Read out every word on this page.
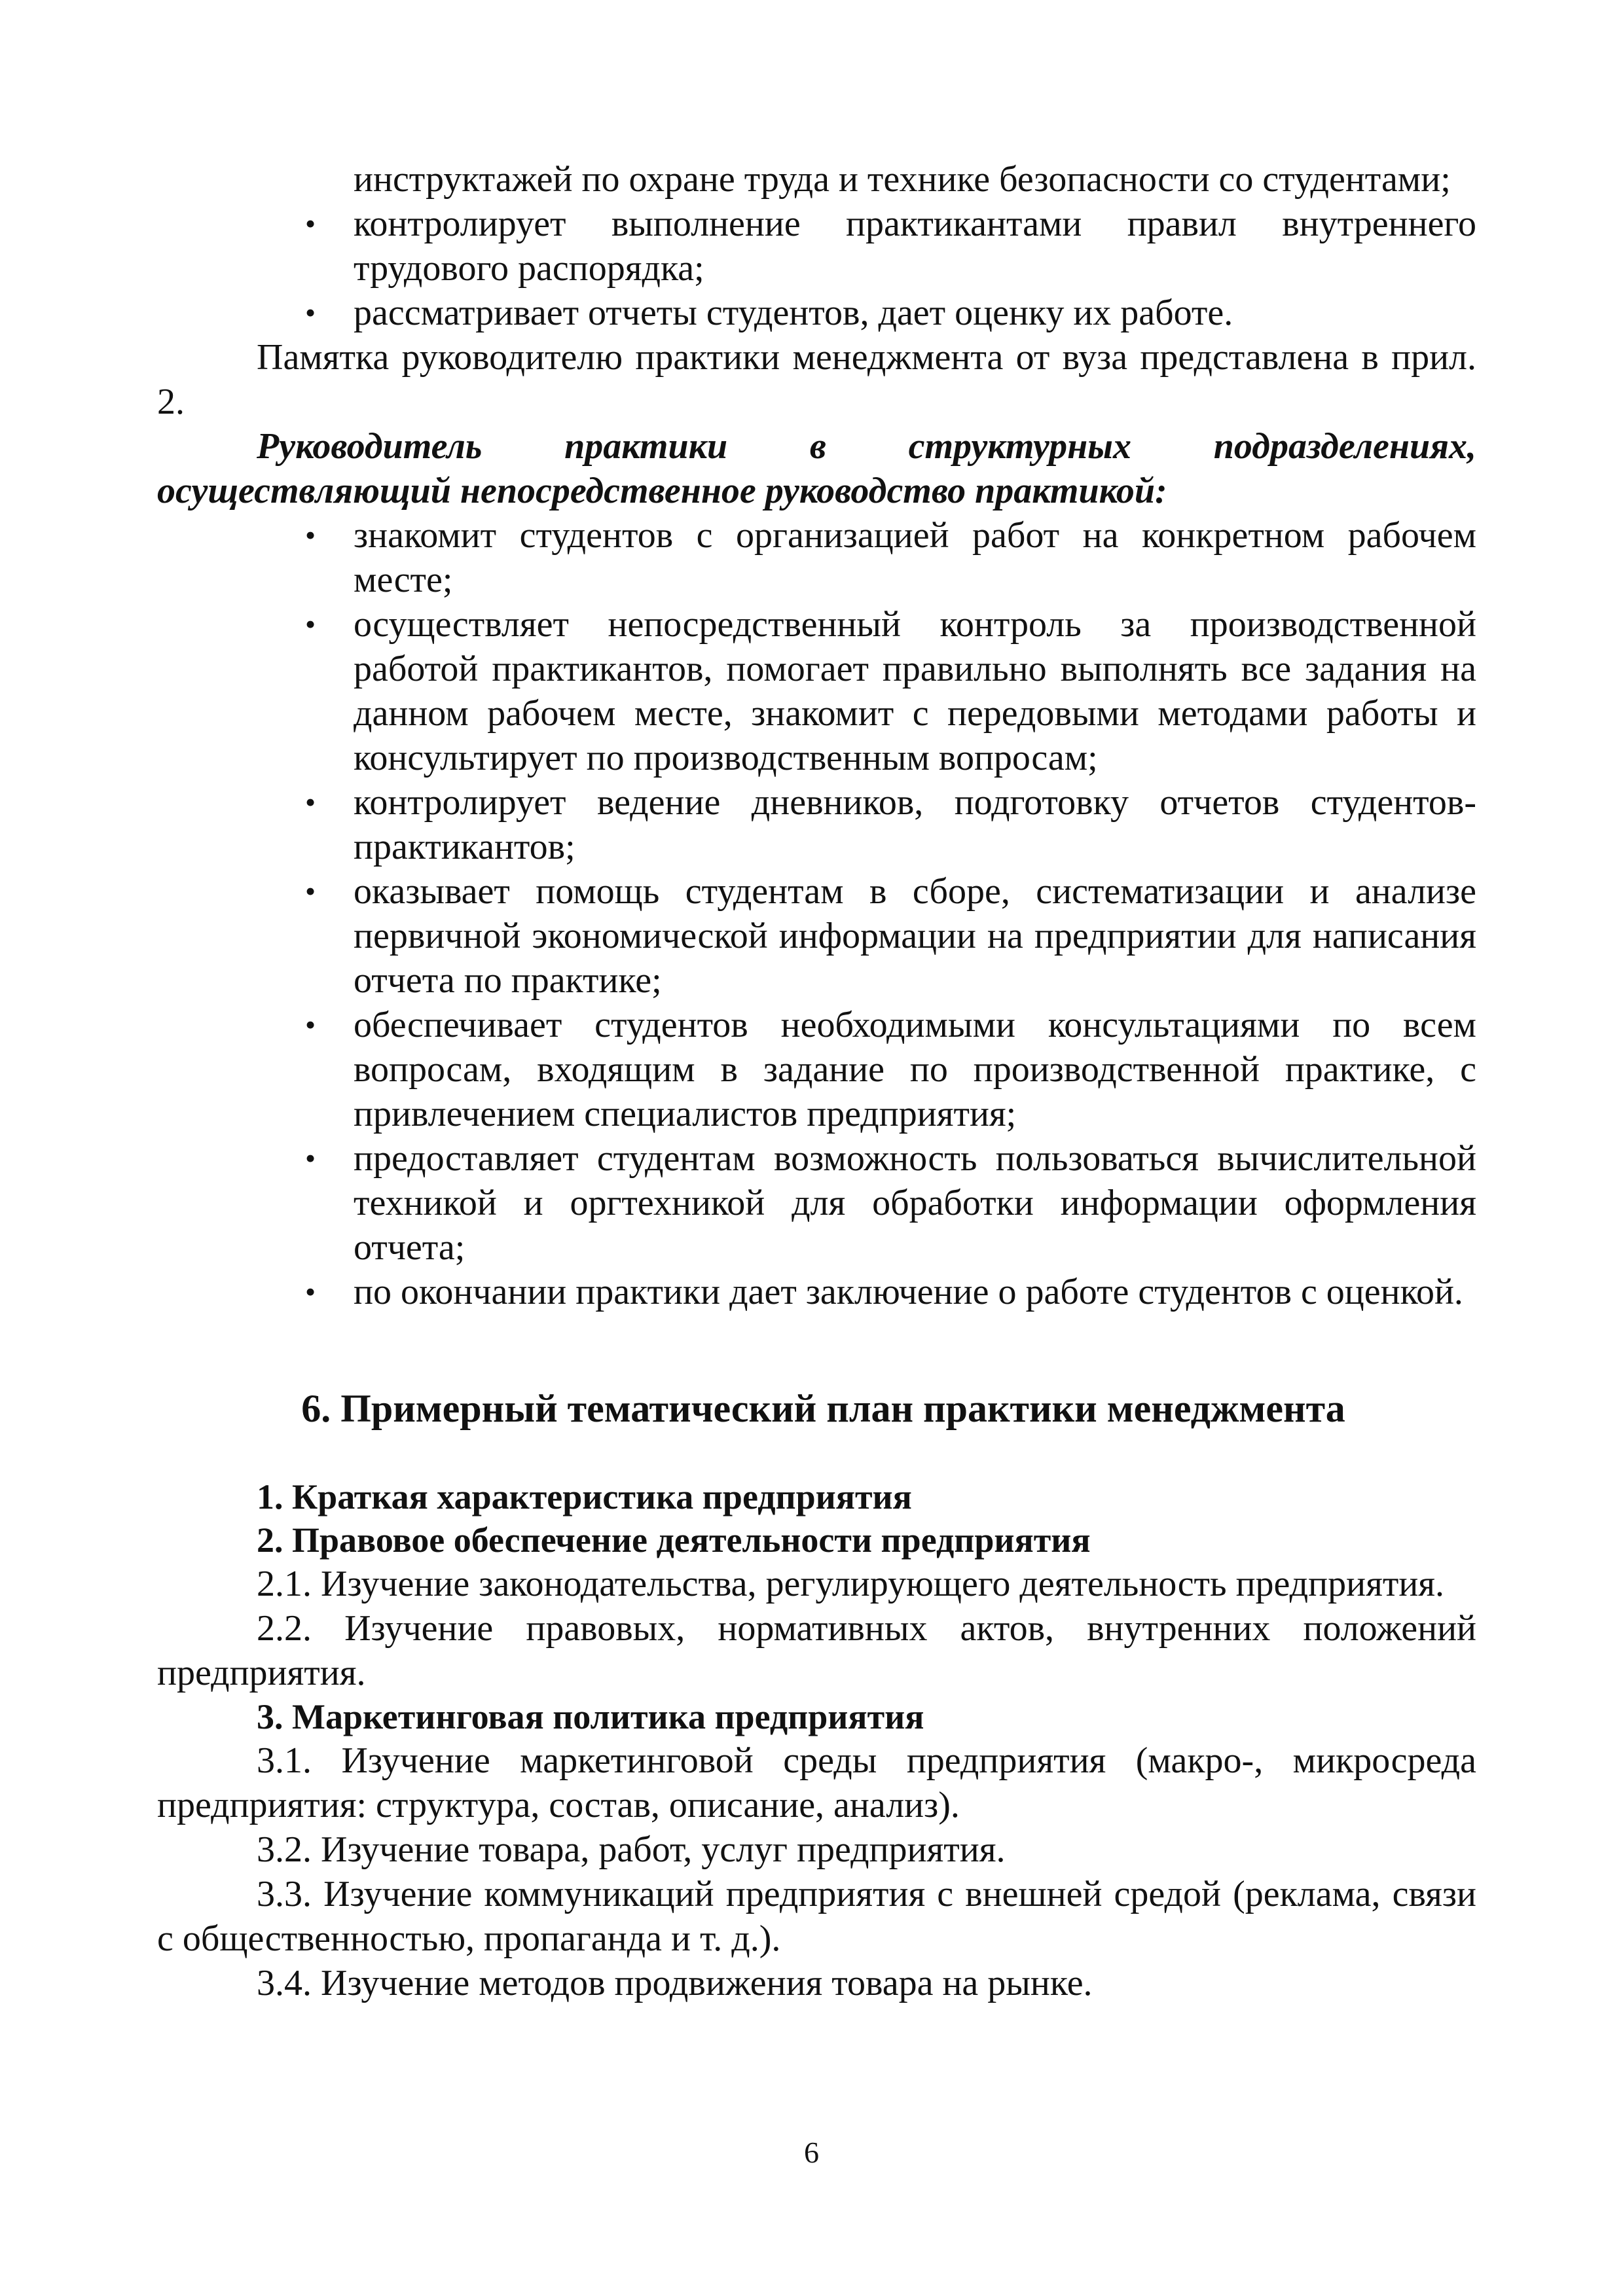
инструктажей по охране труда и технике безопасности со студентами;

• контролирует выполнение практикантами правил внутреннего трудового распорядка;
• рассматривает отчеты студентов, дает оценку их работе.

Памятка руководителю практики менеджмента от вуза представлена в прил. 2.

Руководитель практики в структурных подразделениях, осуществляющий непосредственное руководство практикой:

• знакомит студентов с организацией работ на конкретном рабочем месте;
• осуществляет непосредственный контроль за производственной работой практикантов, помогает правильно выполнять все задания на данном рабочем месте, знакомит с передовыми методами работы и консультирует по производственным вопросам;
• контролирует ведение дневников, подготовку отчетов студентов-практикантов;
• оказывает помощь студентам в сборе, систематизации и анализе первичной экономической информации на предприятии для написания отчета по практике;
• обеспечивает студентов необходимыми консультациями по всем вопросам, входящим в задание по производственной практике, с привлечением специалистов предприятия;
• предоставляет студентам возможность пользоваться вычислительной техникой и оргтехникой для обработки информации оформления отчета;
• по окончании практики дает заключение о работе студентов с оценкой.
6. Примерный тематический план практики менеджмента

1. Краткая характеристика предприятия

2. Правовое обеспечение деятельности предприятия

2.1. Изучение законодательства, регулирующего деятельность предприятия.

2.2. Изучение правовых, нормативных актов, внутренних положений предприятия.

3. Маркетинговая политика предприятия

3.1. Изучение маркетинговой среды предприятия (макро-, микросреда предприятия: структура, состав, описание, анализ).

3.2. Изучение товара, работ, услуг предприятия.

3.3. Изучение коммуникаций предприятия с внешней средой (реклама, связи с общественностью, пропаганда и т. д.).

3.4. Изучение методов продвижения товара на рынке.

6
